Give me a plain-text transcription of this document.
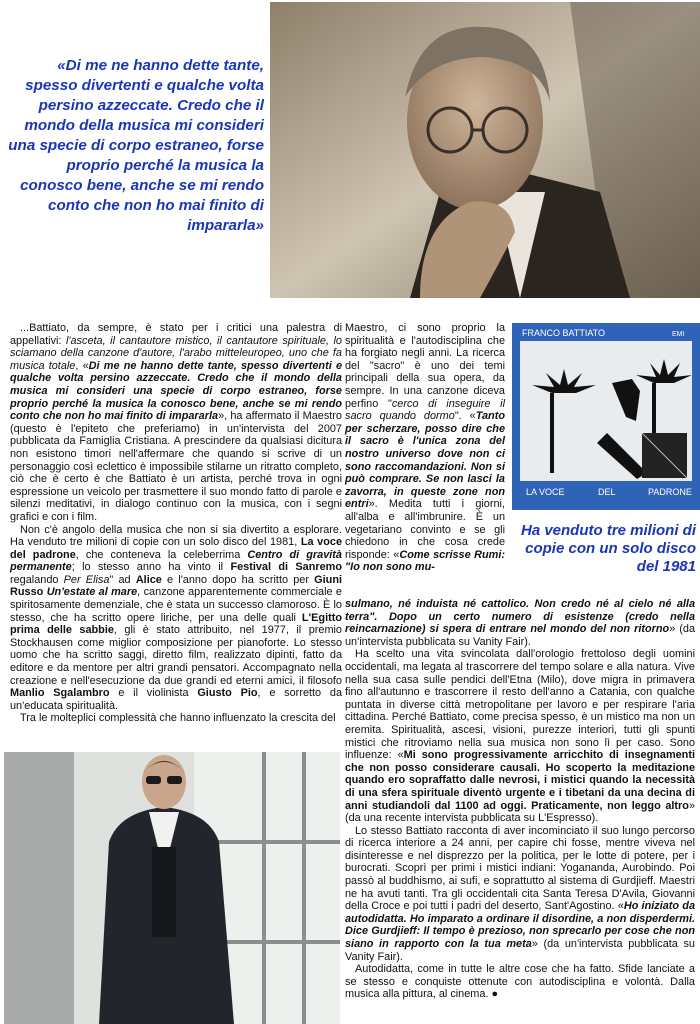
«Di me ne hanno dette tante, spesso divertenti e qualche volta persino azzeccate. Credo che il mondo della musica mi consideri una specie di corpo estraneo, forse proprio perché la musica la conosco bene, anche se mi rendo conto che non ho mai finito di impararla»
FRANCO BATTIATO	EMI
LA VOCE	DEL	PADRONE
Ha venduto tre milioni di copie con un solo disco del 1981

...Battiato, da sempre, è stato per i critici una palestra di appellativi: l'asceta, il cantautore mistico, il cantautore spirituale, lo sciamano della canzone d'autore, l'arabo mitteleuropeo, uno che fa musica totale, «Di me ne hanno dette tante, spesso divertenti e qualche volta persino azzeccate. Credo che il mondo della musica mi consideri una specie di corpo estraneo, forse proprio perché la musica la conosco bene, anche se mi rendo conto che non ho mai finito di impararla», ha affermato il Maestro (questo è l'epiteto che preferiamo) in un'intervista del 2007 pubblicata da Famiglia Cristiana. A prescindere da qualsiasi dicitura non esistono timori nell'affermare che quando si scrive di un personaggio così eclettico è impossibile stilarne un ritratto completo, ciò che è certo è che Battiato è un artista, perché trova in ogni espressione un veicolo per trasmettere il suo mondo fatto di parole e silenzi meditativi, in dialogo continuo con la musica, con i segni grafici e con i film.

Non c'è angolo della musica che non si sia divertito a esplorare. Ha venduto tre milioni di copie con un solo disco del 1981, La voce del padrone, che conteneva la celeberrima Centro di gravità permanente; lo stesso anno ha vinto il Festival di Sanremo regalando Per Elisa" ad Alice e l'anno dopo ha scritto per Giuni Russo Un'estate al mare, canzone apparentemente commerciale e spiritosamente demenziale, che è stata un successo clamoroso. È lo stesso, che ha scritto opere liriche, per una delle quali L'Egitto prima delle sabbie, gli è stato attribuito, nel 1977, il premio Stockhausen come miglior composizione per pianoforte. Lo stesso uomo che ha scritto saggi, diretto film, realizzato dipinti, fatto da editore e da mentore per altri grandi pensatori. Accompagnato nella creazione e nell'esecuzione da due grandi ed eterni amici, il filosofo Manlio Sgalambro e il violinista Giusto Pio, e sorretto da un'educata spiritualità.

Tra le molteplici complessità che hanno influenzato la crescita del

Maestro, ci sono proprio la spiritualità e l'autodisciplina che ha forgiato negli anni. La ricerca del "sacro" è uno dei temi principali della sua opera, da sempre. In una canzone diceva perfino "cerco di inseguire il sacro quando dormo". «Tanto per scherzare, posso dire che il sacro è l'unica zona del nostro universo dove non ci sono raccomandazioni. Non si può comprare. Se non lasci la zavorra, in queste zone non entri». Medita tutti i giorni, all'alba e all'imbrunire. È un vegetariano convinto e se gli chiedono in che cosa crede risponde: «Come scrisse Rumi: "Io non sono mu-

sulmano, né induista né cattolico. Non credo né al cielo né alla terra". Dopo un certo numero di esistenze (credo nella reincarnazione) si spera di entrare nel mondo del non ritorno» (da un'intervista pubblicata su Vanity Fair).

Ha scelto una vita svincolata dall'orologio frettoloso degli uomini occidentali, ma legata al trascorrere del tempo solare e alla natura. Vive nella sua casa sulle pendici dell'Etna (Milo), dove migra in primavera fino all'autunno e trascorrere il resto dell'anno a Catania, con qualche puntata in diverse città metropolitane per lavoro e per respirare l'aria cittadina. Perché Battiato, come precisa spesso, è un mistico ma non un eremita. Spiritualità, ascesi, visioni, purezze interiori, tutti gli spunti mistici che ritroviamo nella sua musica non sono lì per caso. Sono influenze: «Mi sono progressivamente arricchito di insegnamenti che non posso considerare causali. Ho scoperto la meditazione quando ero sopraffatto dalle nevrosi, i mistici quando la necessità di una sfera spirituale diventò urgente e i tibetani da una decina di anni studiandoli dal 1100 ad oggi. Praticamente, non leggo altro» (da una recente intervista pubblicata su L'Espresso).

Lo stesso Battiato racconta di aver incominciato il suo lungo percorso di ricerca interiore a 24 anni, per capire chi fosse, mentre viveva nel disinteresse e nel disprezzo per la politica, per le lotte di potere, per i burocrati. Scoprì per primi i mistici indiani: Yogananda, Aurobindo. Poi passò al buddhismo, ai sufi, e soprattutto al sistema di Gurdjieff. Maestri ne ha avuti tanti. Tra gli occidentali cita Santa Teresa D'Avila, Giovanni della Croce e poi tutti i padri del deserto, Sant'Agostino. «Ho iniziato da autodidatta. Ho imparato a ordinare il disordine, a non disperdermi. Dice Gurdjieff: Il tempo è prezioso, non sprecarlo per cose che non siano in rapporto con la tua meta» (da un'intervista pubblicata su Vanity Fair).

Autodidatta, come in tutte le altre cose che ha fatto. Sfide lanciate a se stesso e conquiste ottenute con autodisciplina e volontà. Dalla musica alla pittura, al cinema. ●
